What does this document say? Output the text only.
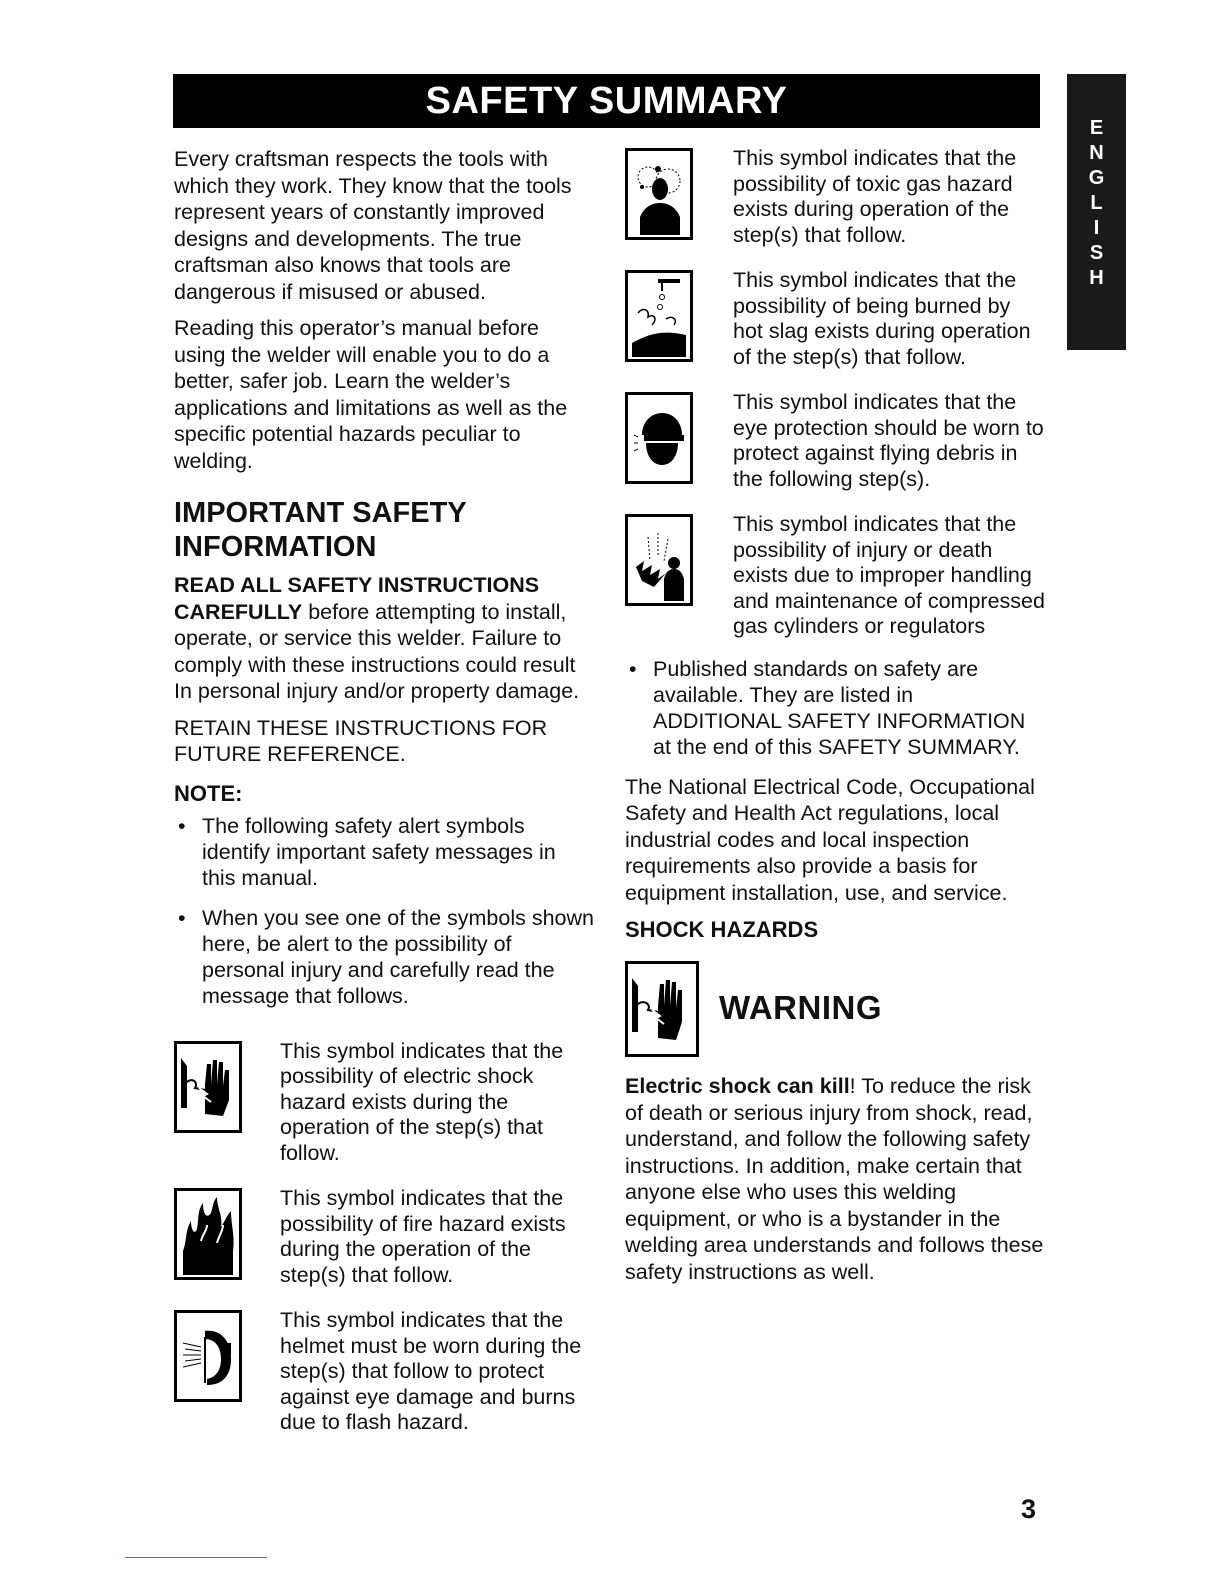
SAFETY SUMMARY
E
N
G
L
I
S
H

Every craftsman respects the tools with which they work. They know that the tools represent years of constantly improved designs and developments. The true craftsman also knows that tools are dangerous if misused or abused.

Reading this operator’s manual before using the welder will enable you to do a better, safer job. Learn the welder’s applications and limitations as well as the specific potential hazards peculiar to welding.

IMPORTANT SAFETY INFORMATION

READ ALL SAFETY INSTRUCTIONS
CAREFULLY before attempting to install, operate, or service this welder. Failure to comply with these instructions could result In personal injury and/or property damage.

RETAIN THESE INSTRUCTIONS FOR FUTURE REFERENCE.

NOTE:
• The following safety alert symbols identify important safety messages in this manual.
• When you see one of the symbols shown here, be alert to the possibility of personal injury and carefully read the message that follows.

This symbol indicates that the possibility of electric shock hazard exists during the operation of the step(s) that follow.

This symbol indicates that the possibility of fire hazard exists during the operation of the step(s) that follow.

This symbol indicates that the helmet must be worn during the step(s) that follow to protect against eye damage and burns due to flash hazard.

This symbol indicates that the possibility of toxic gas hazard exists during operation of the step(s) that follow.

This symbol indicates that the possibility of being burned by hot slag exists during operation of the step(s) that follow.

This symbol indicates that the eye protection should be worn to protect against flying debris in the following step(s).

This symbol indicates that the possibility of injury or death exists due to improper handling and maintenance of compressed gas cylinders or regulators

• Published standards on safety are available. They are listed in ADDITIONAL SAFETY INFORMATION at the end of this SAFETY SUMMARY.

The National Electrical Code, Occupational Safety and Health Act regulations, local industrial codes and local inspection requirements also provide a basis for equipment installation, use, and service.

SHOCK HAZARDS
WARNING

Electric shock can kill! To reduce the risk of death or serious injury from shock, read, understand, and follow the following safety instructions. In addition, make certain that anyone else who uses this welding equipment, or who is a bystander in the welding area understands and follows these safety instructions as well.

3
